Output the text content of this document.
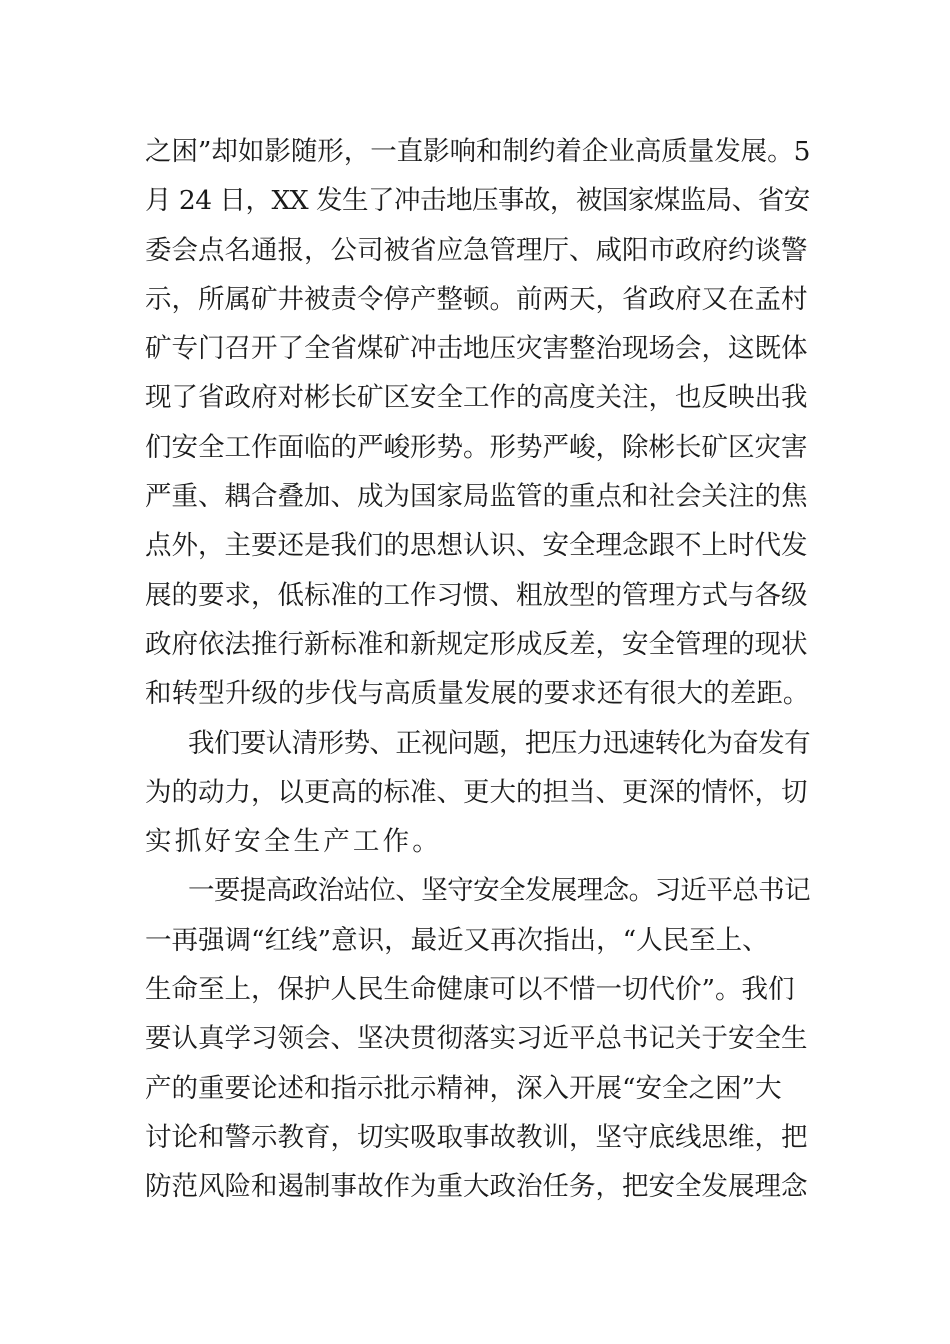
之困”却如影随形，一直影响和制约着企业高质量发展。5
月 24 日，XX 发生了冲击地压事故，被国家煤监局、省安
委会点名通报，公司被省应急管理厅、咸阳市政府约谈警
示，所属矿井被责令停产整顿。前两天，省政府又在孟村
矿专门召开了全省煤矿冲击地压灾害整治现场会，这既体
现了省政府对彬长矿区安全工作的高度关注，也反映出我
们安全工作面临的严峻形势。形势严峻，除彬长矿区灾害
严重、耦合叠加、成为国家局监管的重点和社会关注的焦
点外，主要还是我们的思想认识、安全理念跟不上时代发
展的要求，低标准的工作习惯、粗放型的管理方式与各级
政府依法推行新标准和新规定形成反差，安全管理的现状
和转型升级的步伐与高质量发展的要求还有很大的差距。
我们要认清形势、正视问题，把压力迅速转化为奋发有
为的动力，以更高的标准、更大的担当、更深的情怀，切
实抓好安全生产工作。
一要提高政治站位、坚守安全发展理念。习近平总书记
一再强调“红线”意识，最近又再次指出，“人民至上、
生命至上，保护人民生命健康可以不惜一切代价”。我们
要认真学习领会、坚决贯彻落实习近平总书记关于安全生
产的重要论述和指示批示精神，深入开展“安全之困”大
讨论和警示教育，切实吸取事故教训，坚守底线思维，把
防范风险和遏制事故作为重大政治任务，把安全发展理念
